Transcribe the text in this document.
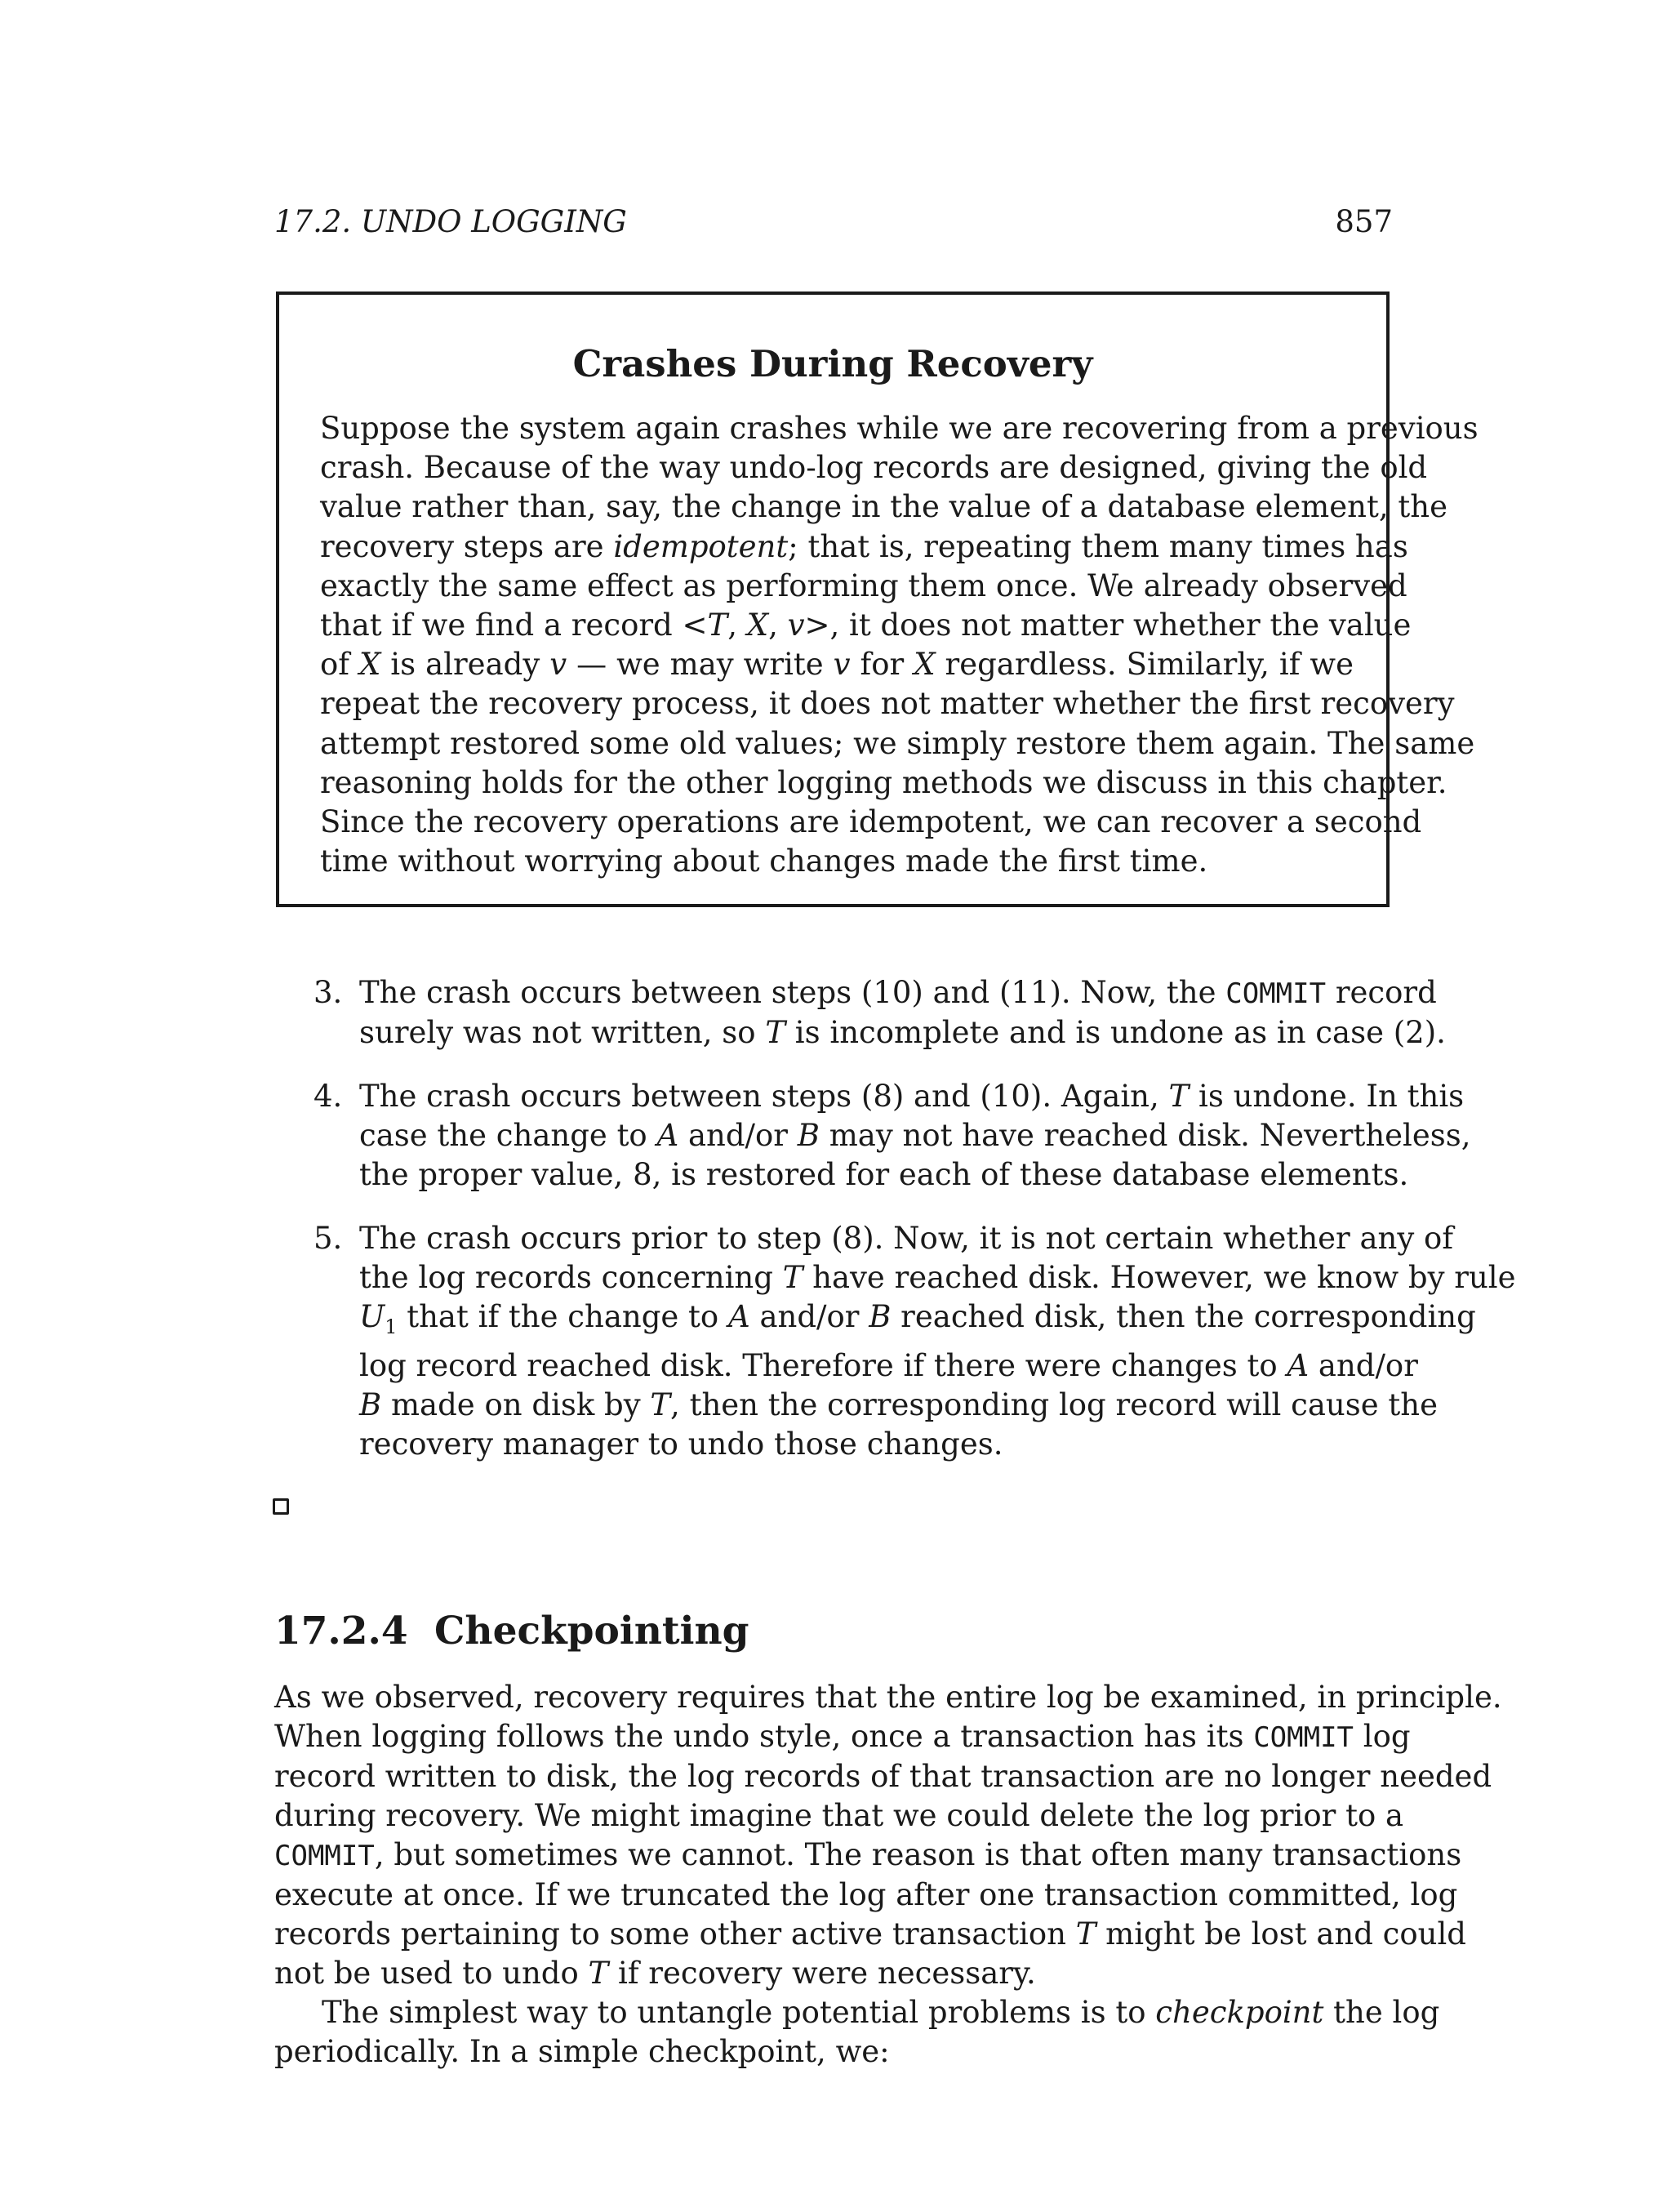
17.2. UNDO LOGGING	857
Crashes During Recovery
Suppose the system again crashes while we are recovering from a previous
crash. Because of the way undo-log records are designed, giving the old
value rather than, say, the change in the value of a database element, the
recovery steps are idempotent; that is, repeating them many times has
exactly the same effect as performing them once. We already observed
that if we find a record <T, X, v>, it does not matter whether the value
of X is already v — we may write v for X regardless. Similarly, if we
repeat the recovery process, it does not matter whether the first recovery
attempt restored some old values; we simply restore them again. The same
reasoning holds for the other logging methods we discuss in this chapter.
Since the recovery operations are idempotent, we can recover a second
time without worrying about changes made the first time.
3. The crash occurs between steps (10) and (11). Now, the COMMIT record
surely was not written, so T is incomplete and is undone as in case (2).
4. The crash occurs between steps (8) and (10). Again, T is undone. In this
case the change to A and/or B may not have reached disk. Nevertheless,
the proper value, 8, is restored for each of these database elements.
5. The crash occurs prior to step (8). Now, it is not certain whether any of
the log records concerning T have reached disk. However, we know by rule
$U_1$ that if the change to A and/or B reached disk, then the corresponding
log record reached disk. Therefore if there were changes to A and/or
B made on disk by T, then the corresponding log record will cause the
recovery manager to undo those changes.
17.2.4 Checkpointing
As we observed, recovery requires that the entire log be examined, in principle.
When logging follows the undo style, once a transaction has its COMMIT log
record written to disk, the log records of that transaction are no longer needed
during recovery. We might imagine that we could delete the log prior to a
COMMIT, but sometimes we cannot. The reason is that often many transactions
execute at once. If we truncated the log after one transaction committed, log
records pertaining to some other active transaction T might be lost and could
not be used to undo T if recovery were necessary.
The simplest way to untangle potential problems is to checkpoint the log
periodically. In a simple checkpoint, we:
